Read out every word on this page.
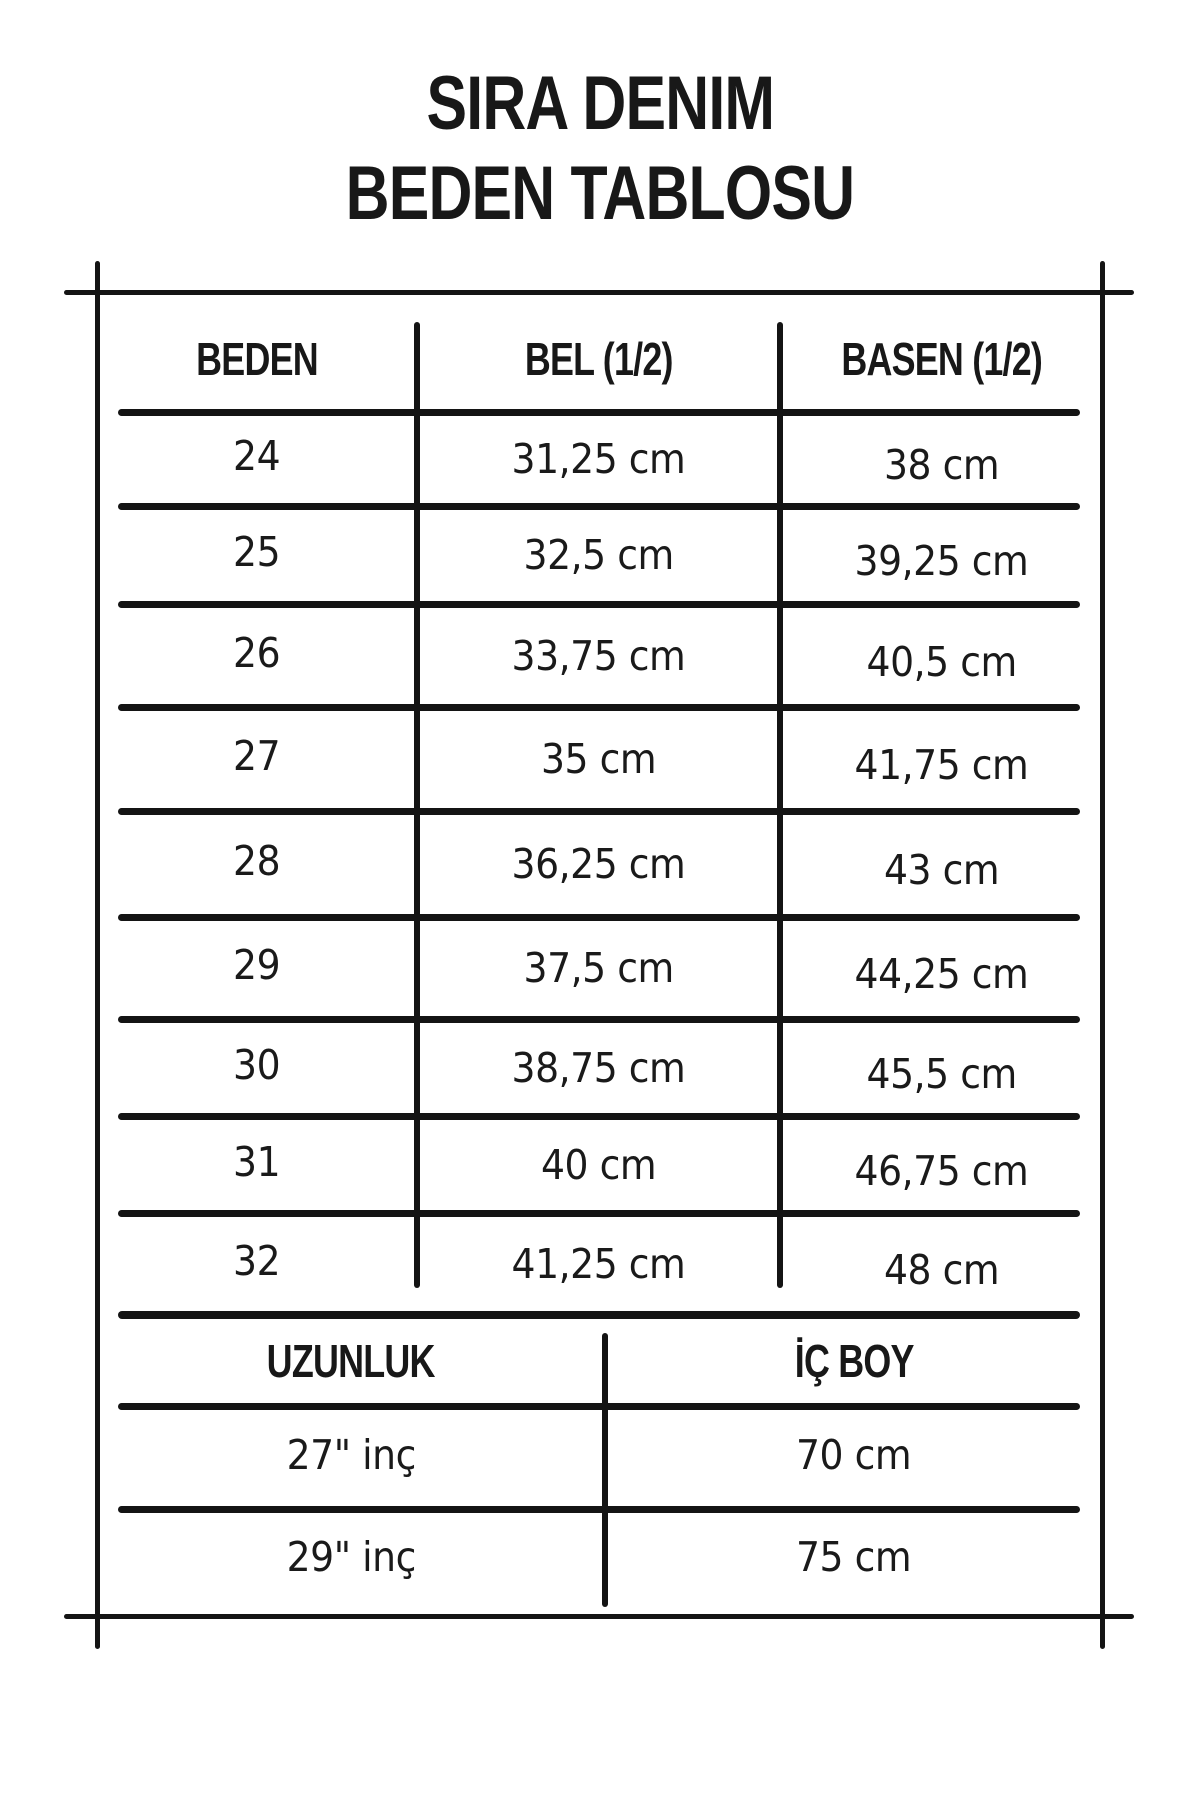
SIRA DENIM
BEDEN TABLOSU
BEDEN	BEL (1/2)	BASEN (1/2)
24	31,25 cm	38 cm
25	32,5 cm	39,25 cm
26	33,75 cm	40,5 cm
27	35 cm	41,75 cm
28	36,25 cm	43 cm
29	37,5 cm	44,25 cm
30	38,75 cm	45,5 cm
31	40 cm	46,75 cm
32	41,25 cm	48 cm
UZUNLUK	İÇ BOY
27" inç	70 cm
29" inç	75 cm
